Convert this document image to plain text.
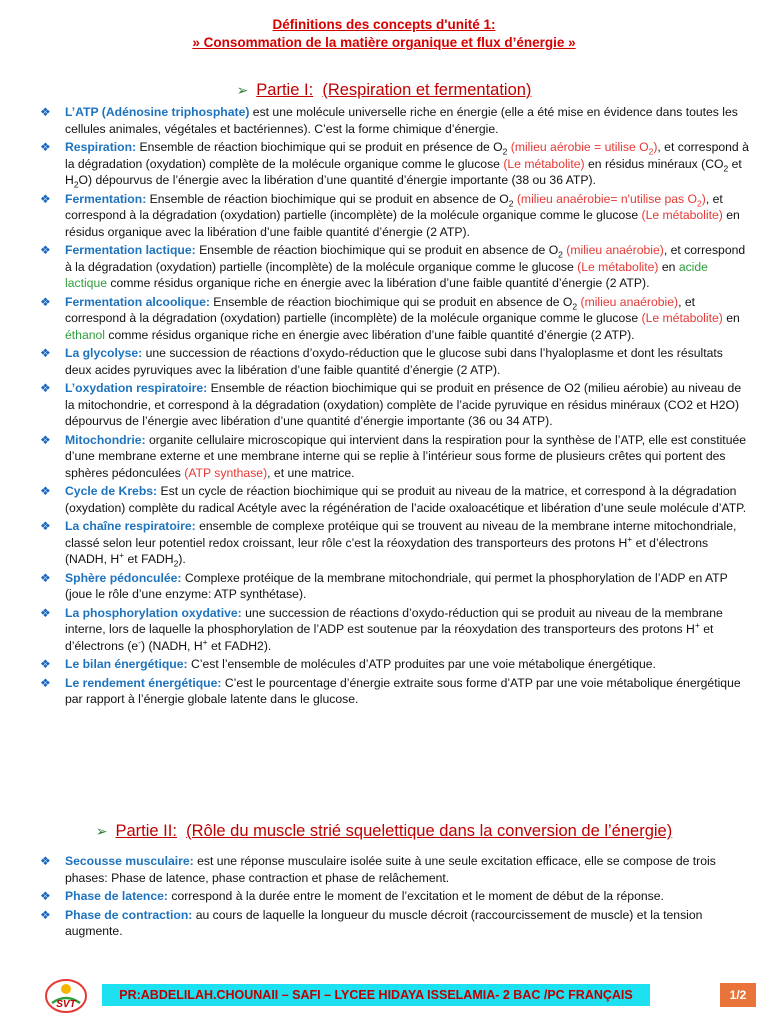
Définitions des concepts d'unité 1:
» Consommation de la matière organique et flux d’énergie »
➢ Partie I: (Respiration et fermentation)
❖ L’ATP (Adénosine triphosphate) est une molécule universelle riche en énergie (elle a été mise en évidence dans toutes les cellules animales, végétales et bactériennes). C’est la forme chimique d’énergie.
❖ Respiration: Ensemble de réaction biochimique qui se produit en présence de $O_2$ (milieu aérobie = utilise $O_2$), et correspond à la dégradation (oxydation) complète de la molécule organique comme le glucose (Le métabolite) en résidus minéraux ($CO_2$ et $H_2O$) dépourvus de l’énergie avec la libération d’une quantité d’énergie importante (38 ou 36 ATP).
❖ Fermentation: Ensemble de réaction biochimique qui se produit en absence de $O_2$ (milieu anaérobie= n'utilise pas $O_2$), et correspond à la dégradation (oxydation) partielle (incomplète) de la molécule organique comme le glucose (Le métabolite) en résidus organique avec la libération d’une faible quantité d’énergie (2 ATP).
❖ Fermentation lactique: Ensemble de réaction biochimique qui se produit en absence de $O_2$ (milieu anaérobie), et correspond à la dégradation (oxydation) partielle (incomplète) de la molécule organique comme le glucose (Le métabolite) en acide lactique comme résidus organique riche en énergie avec la libération d’une faible quantité d’énergie (2 ATP).
❖ Fermentation alcoolique: Ensemble de réaction biochimique qui se produit en absence de $O_2$ (milieu anaérobie), et correspond à la dégradation (oxydation) partielle (incomplète) de la molécule organique comme le glucose (Le métabolite) en éthanol comme résidus organique riche en énergie avec libération d’une faible quantité d’énergie (2 ATP).
❖ La glycolyse: une succession de réactions d’oxydo-réduction que le glucose subi dans l’hyaloplasme et dont les résultats deux acides pyruviques avec la libération d’une faible quantité d’énergie (2 ATP).
❖ L’oxydation respiratoire: Ensemble de réaction biochimique qui se produit en présence de O2 (milieu aérobie) au niveau de la mitochondrie, et correspond à la dégradation (oxydation) complète de l’acide pyruvique en résidus minéraux (CO2 et H2O) dépourvus de l’énergie avec libération d’une quantité d’énergie importante (36 ou 34 ATP).
❖ Mitochondrie: organite cellulaire microscopique qui intervient dans la respiration pour la synthèse de l’ATP, elle est constituée d’une membrane externe et une membrane interne qui se replie à l’intérieur sous forme de plusieurs crêtes qui portent des sphères pédonculées (ATP synthase), et une matrice.
❖ Cycle de Krebs: Est un cycle de réaction biochimique qui se produit au niveau de la matrice, et correspond à la dégradation (oxydation) complète du radical Acétyle avec la régénération de l’acide oxaloacétique et libération d’une seule molécule d’ATP.
❖ La chaîne respiratoire: ensemble de complexe protéique qui se trouvent au niveau de la membrane interne mitochondriale, classé selon leur potentiel redox croissant, leur rôle c’est la réoxydation des transporteurs des protons H+ et d’électrons (NADH, H+ et $FADH_2$).
❖ Sphère pédonculée: Complexe protéique de la membrane mitochondriale, qui permet la phosphorylation de l’ADP en ATP (joue le rôle d’une enzyme: ATP synthétase).
❖ La phosphorylation oxydative: une succession de réactions d’oxydo-réduction qui se produit au niveau de la membrane interne, lors de laquelle la phosphorylation de l’ADP est soutenue par la réoxydation des transporteurs des protons H+ et d’électrons (e-) (NADH, H+ et FADH2).
❖ Le bilan énergétique: C’est l’ensemble de molécules d’ATP produites par une voie métabolique énergétique.
❖ Le rendement énergétique: C’est le pourcentage d’énergie extraite sous forme d’ATP par une voie métabolique énergétique par rapport à l’énergie globale latente dans le glucose.
➢ Partie II: (Rôle du muscle strié squelettique dans la conversion de l’énergie)
❖ Secousse musculaire: est une réponse musculaire isolée suite à une seule excitation efficace, elle se compose de trois phases: Phase de latence, phase contraction et phase de relâchement.
❖ Phase de latence: correspond à la durée entre le moment de l’excitation et le moment de début de la réponse.
❖ Phase de contraction: au cours de laquelle la longueur du muscle décroit (raccourcissement de muscle) et la tension augmente.
SVT
PR:ABDELILAH.CHOUNAII – SAFI – LYCEE HIDAYA ISSELAMIA- 2 BAC /PC FRANÇAIS	1/2
